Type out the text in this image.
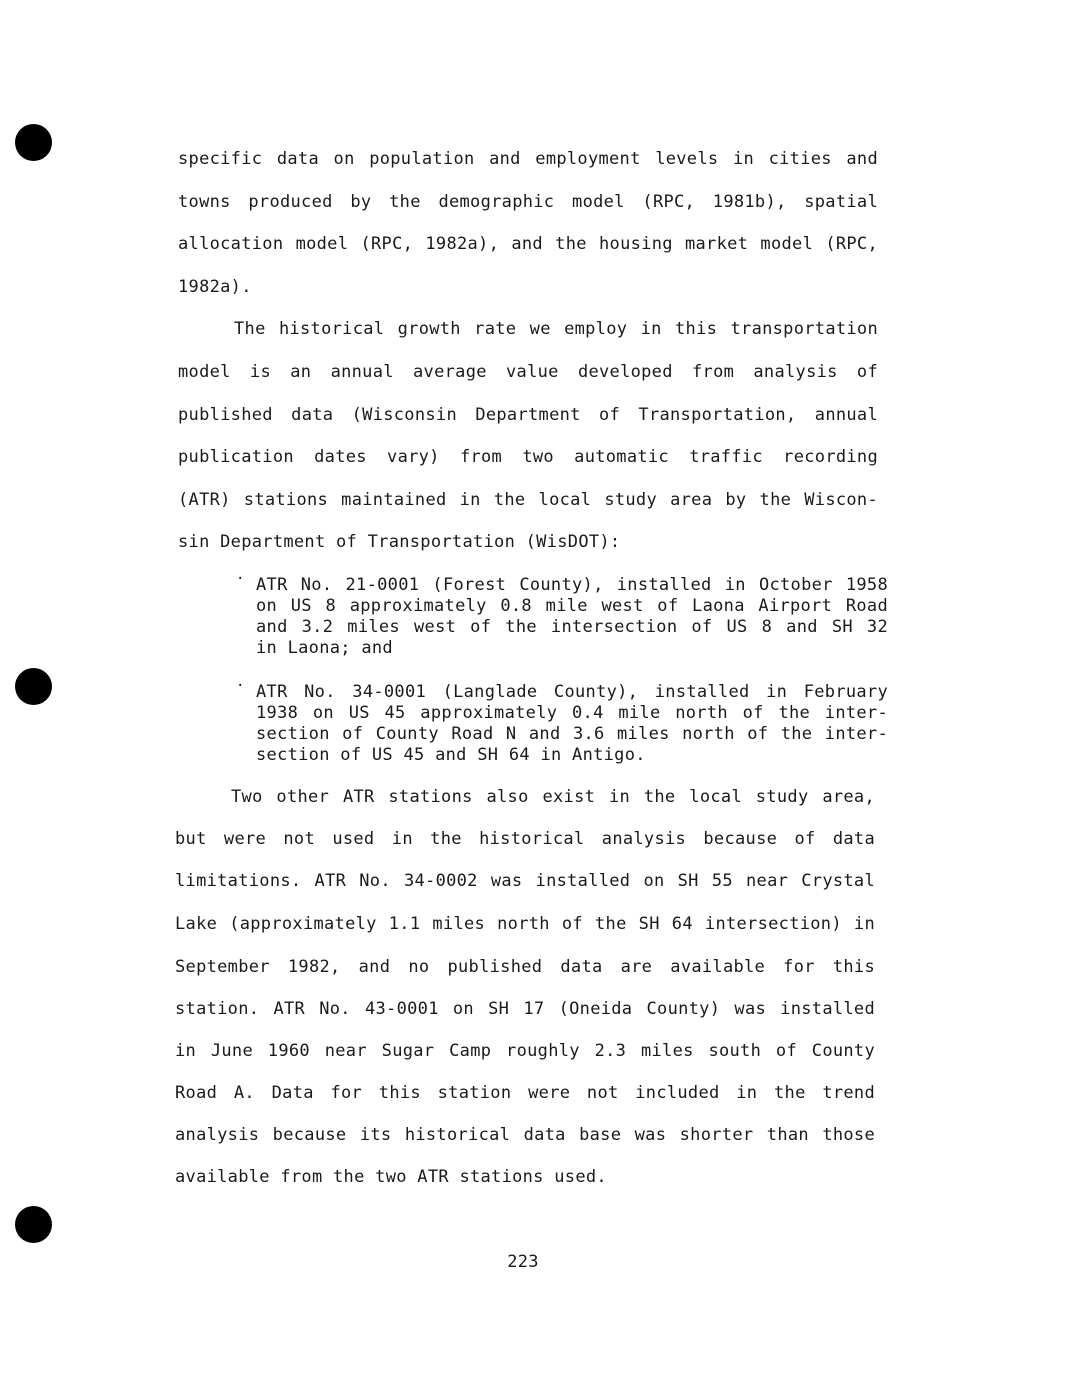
specific data on population and employment levels in cities and
towns produced by the demographic model (RPC, 1981b), spatial
allocation model (RPC, 1982a), and the housing market model (RPC,
1982a).
The historical growth rate we employ in this transportation
model is an annual average value developed from analysis of
published data (Wisconsin Department of Transportation, annual
publication dates vary) from two automatic traffic recording
(ATR) stations maintained in the local study area by the Wiscon-
sin Department of Transportation (WisDOT):
· ATR No. 21-0001 (Forest County), installed in October 1958
on US 8 approximately 0.8 mile west of Laona Airport Road
and 3.2 miles west of the intersection of US 8 and SH 32
in Laona; and
· ATR No. 34-0001 (Langlade County), installed in February
1938 on US 45 approximately 0.4 mile north of the inter-
section of County Road N and 3.6 miles north of the inter-
section of US 45 and SH 64 in Antigo.
Two other ATR stations also exist in the local study area,
but were not used in the historical analysis because of data
limitations. ATR No. 34-0002 was installed on SH 55 near Crystal
Lake (approximately 1.1 miles north of the SH 64 intersection) in
September 1982, and no published data are available for this
station. ATR No. 43-0001 on SH 17 (Oneida County) was installed
in June 1960 near Sugar Camp roughly 2.3 miles south of County
Road A. Data for this station were not included in the trend
analysis because its historical data base was shorter than those
available from the two ATR stations used.
223
